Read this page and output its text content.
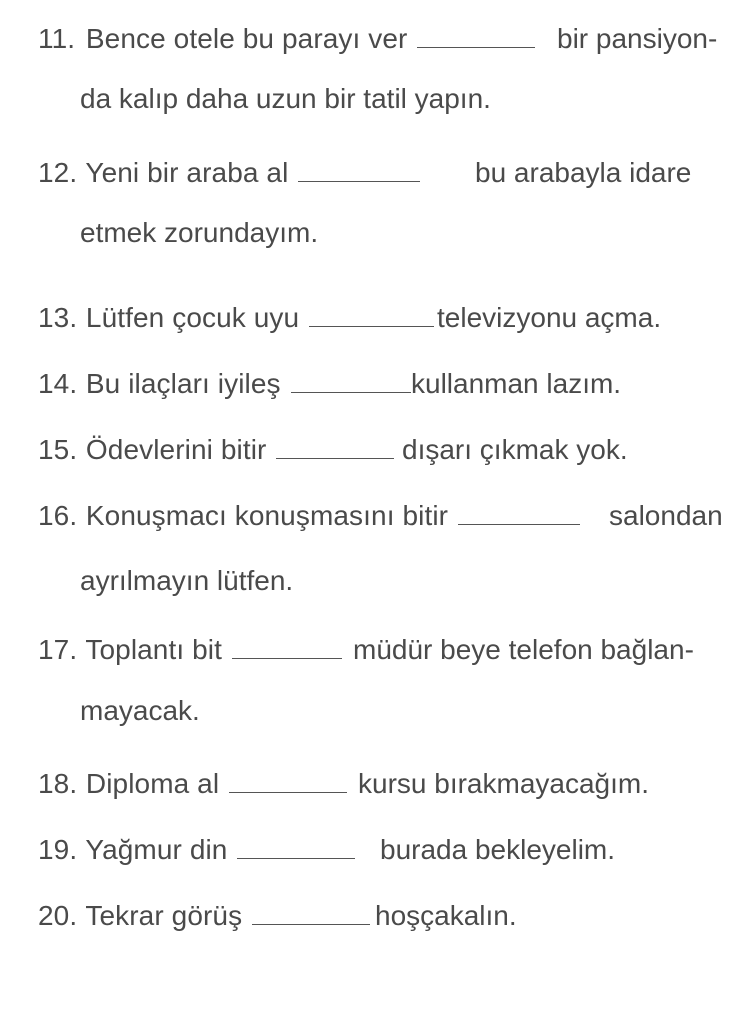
11. Bence otele bu parayı ver	bir pansiyon-
da kalıp daha uzun bir tatil yapın.
12. Yeni bir araba al	bu arabayla idare
etmek zorundayım.
13. Lütfen çocuk uyu	televizyonu açma.
14. Bu ilaçları iyileş	kullanman lazım.
15. Ödevlerini bitir	dışarı çıkmak yok.
16. Konuşmacı konuşmasını bitir	salondan
ayrılmayın lütfen.
17. Toplantı bit	müdür beye telefon bağlan-
mayacak.
18. Diploma al	kursu bırakmayacağım.
19. Yağmur din	burada bekleyelim.
20. Tekrar görüş	hoşçakalın.
